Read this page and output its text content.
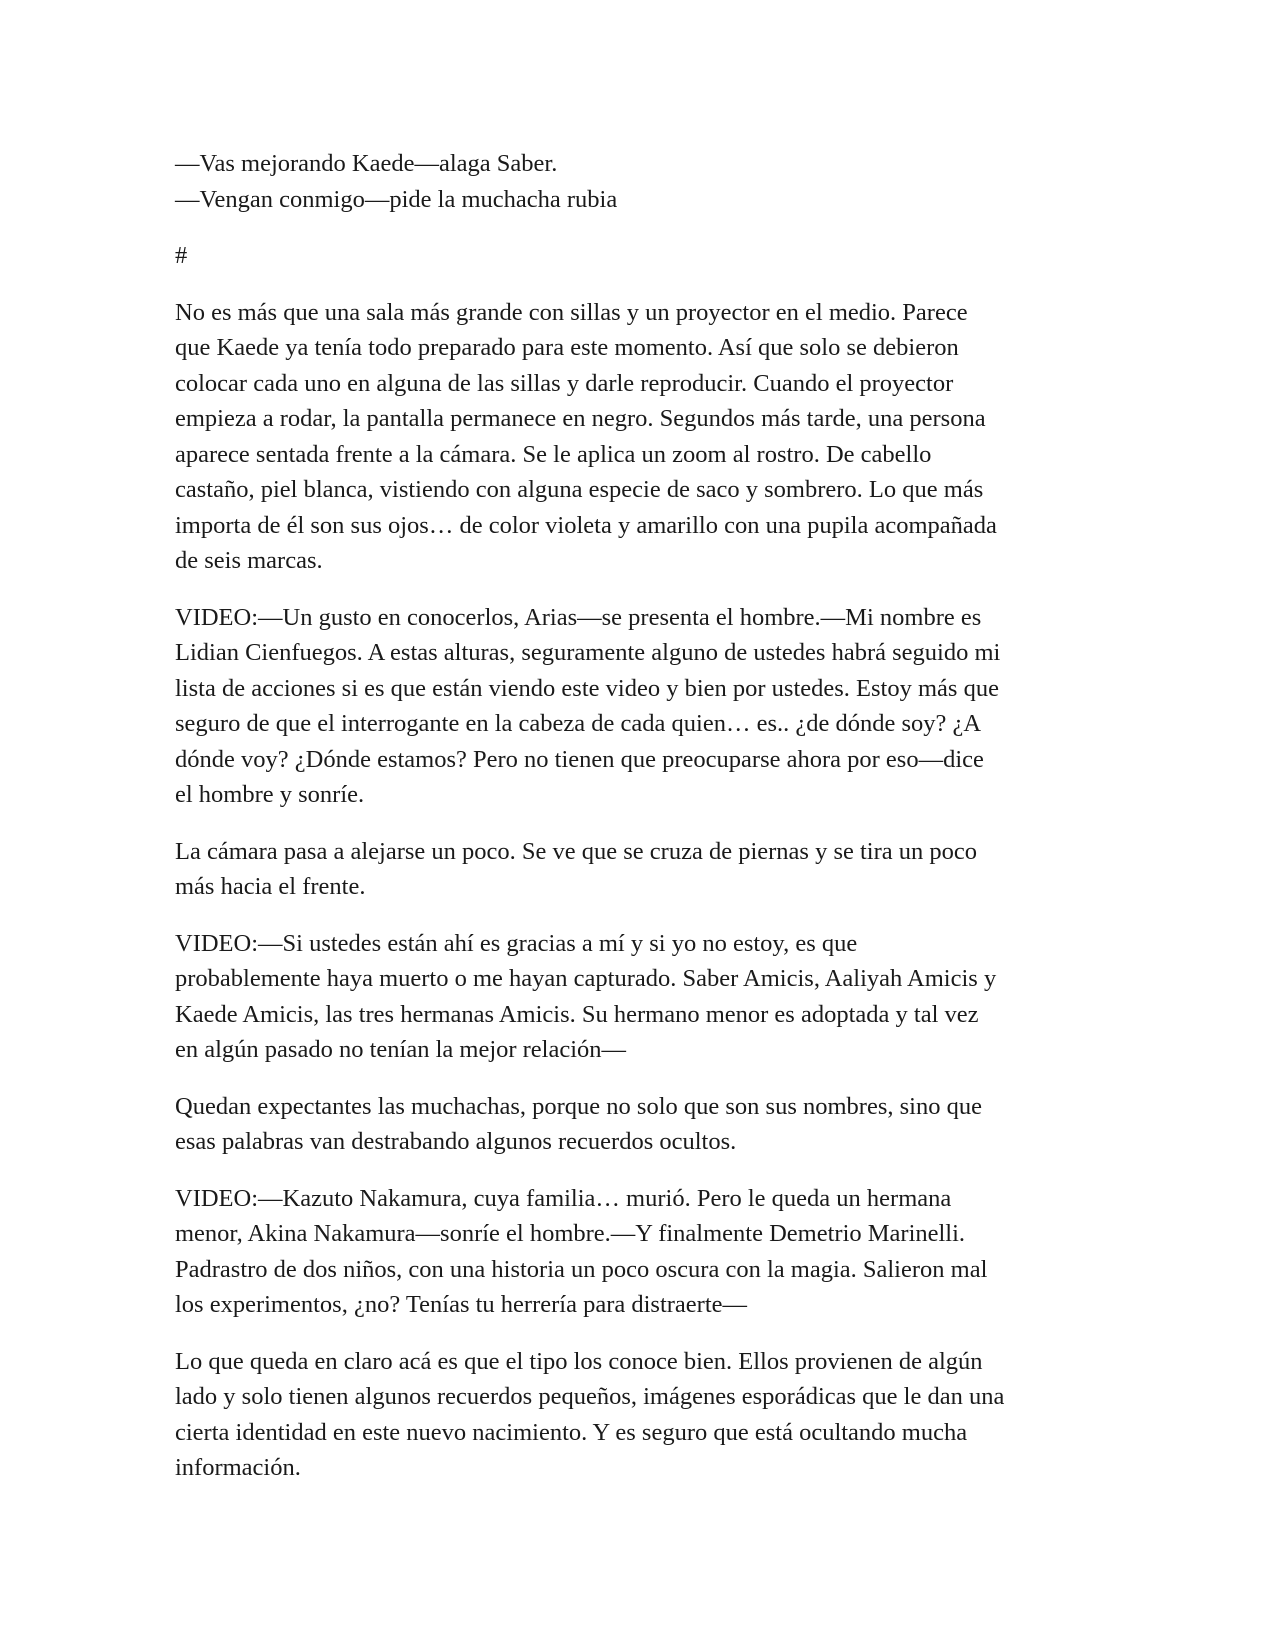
—Vas mejorando Kaede—alaga Saber.

—Vengan conmigo—pide la muchacha rubia

#

No es más que una sala más grande con sillas y un proyector en el medio. Parece

que Kaede ya tenía todo preparado para este momento. Así que solo se debieron

colocar cada uno en alguna de las sillas y darle reproducir. Cuando el proyector

empieza a rodar, la pantalla permanece en negro. Segundos más tarde, una persona

aparece sentada frente a la cámara. Se le aplica un zoom al rostro. De cabello

castaño, piel blanca, vistiendo con alguna especie de saco y sombrero. Lo que más

importa de él son sus ojos… de color violeta y amarillo con una pupila acompañada

de seis marcas.

VIDEO:—Un gusto en conocerlos, Arias—se presenta el hombre.—Mi nombre es

Lidian Cienfuegos. A estas alturas, seguramente alguno de ustedes habrá seguido mi

lista de acciones si es que están viendo este video y bien por ustedes. Estoy más que

seguro de que el interrogante en la cabeza de cada quien… es.. ¿de dónde soy? ¿A

dónde voy? ¿Dónde estamos? Pero no tienen que preocuparse ahora por eso—dice

el hombre y sonríe.

La cámara pasa a alejarse un poco. Se ve que se cruza de piernas y se tira un poco

más hacia el frente.

VIDEO:—Si ustedes están ahí es gracias a mí y si yo no estoy, es que

probablemente haya muerto o me hayan capturado. Saber Amicis, Aaliyah Amicis y

Kaede Amicis, las tres hermanas Amicis. Su hermano menor es adoptada y tal vez

en algún pasado no tenían la mejor relación—

Quedan expectantes las muchachas, porque no solo que son sus nombres, sino que

esas palabras van destrabando algunos recuerdos ocultos.

VIDEO:—Kazuto Nakamura, cuya familia… murió. Pero le queda un hermana

menor, Akina Nakamura—sonríe el hombre.—Y finalmente Demetrio Marinelli.

Padrastro de dos niños, con una historia un poco oscura con la magia. Salieron mal

los experimentos, ¿no? Tenías tu herrería para distraerte—

Lo que queda en claro acá es que el tipo los conoce bien. Ellos provienen de algún

lado y solo tienen algunos recuerdos pequeños, imágenes esporádicas que le dan una

cierta identidad en este nuevo nacimiento. Y es seguro que está ocultando mucha

información.
